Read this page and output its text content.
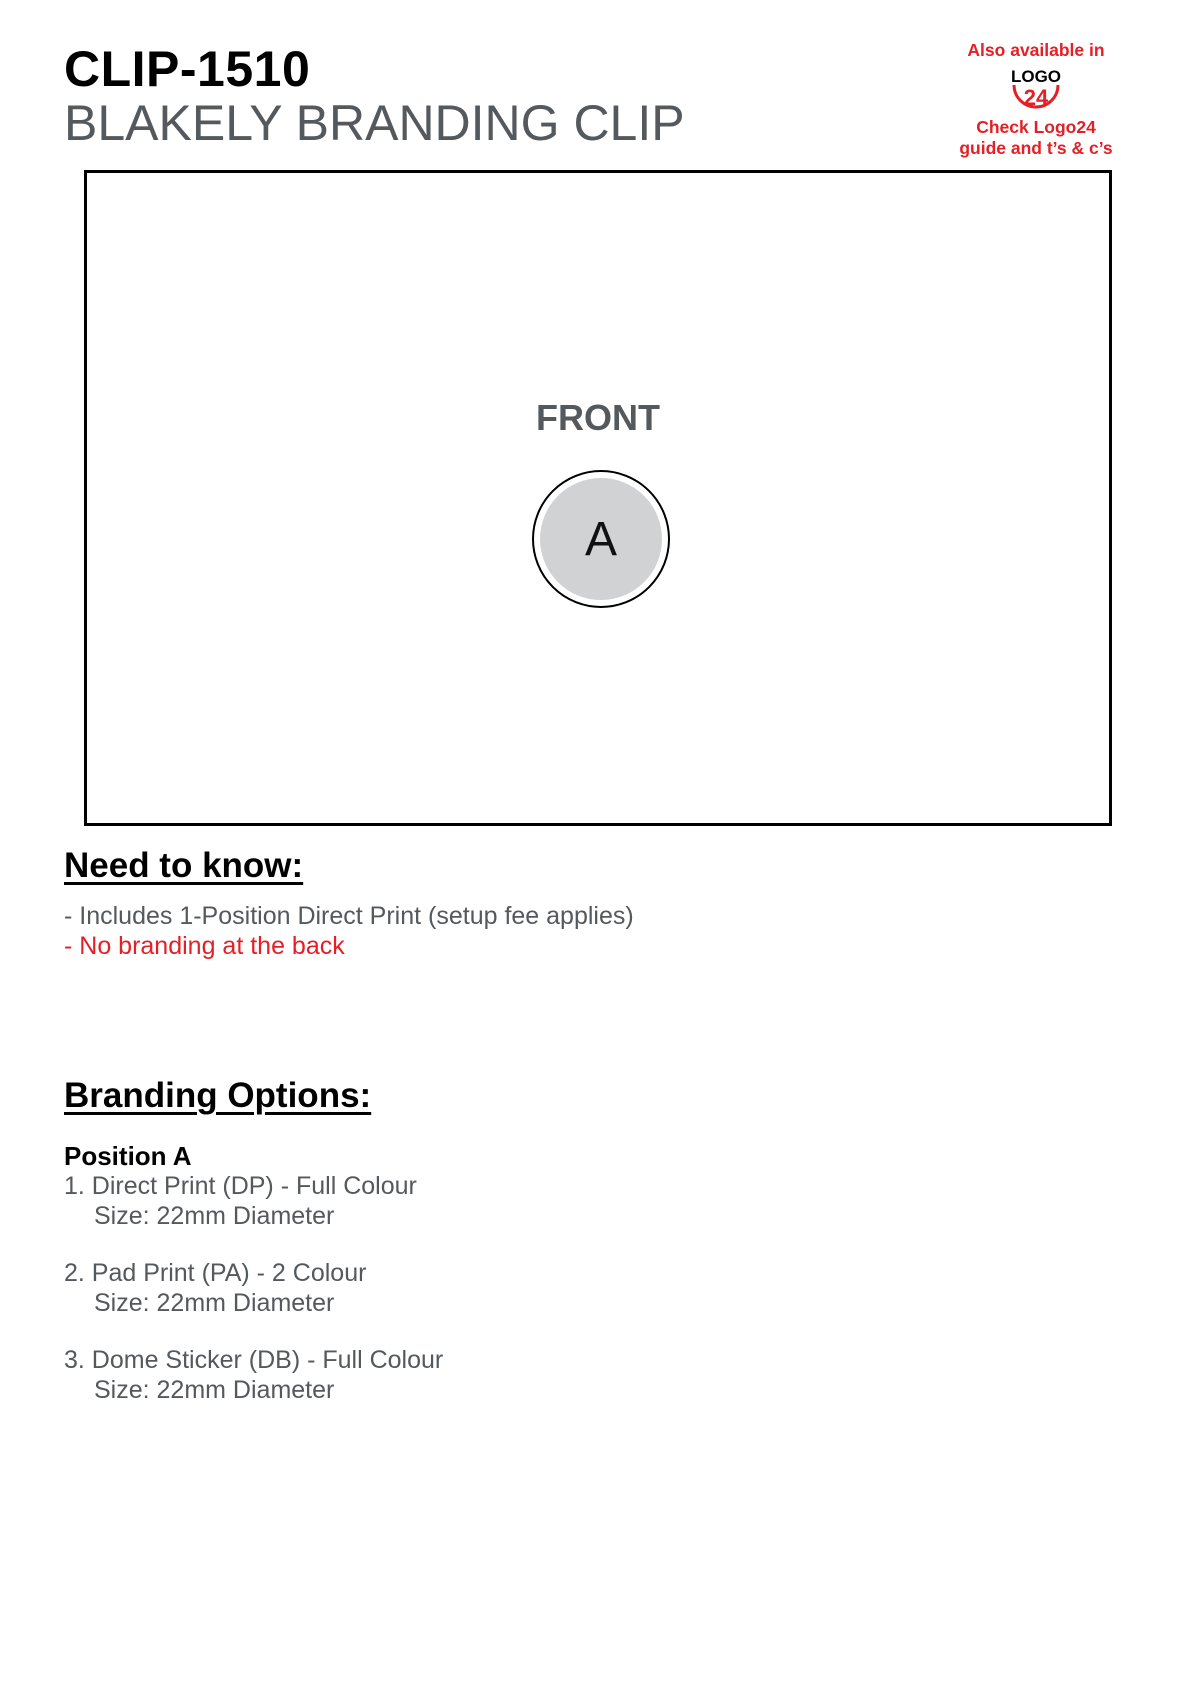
CLIP-1510
BLAKELY BRANDING CLIP
Also available in
LOGO
24
Check Logo24
guide and t’s & c’s
FRONT
A
Need to know:
- Includes 1-Position Direct Print (setup fee applies)
- No branding at the back
Branding Options:
Position A
1. Direct Print (DP) - Full Colour
Size: 22mm Diameter
2. Pad Print (PA) - 2 Colour
Size: 22mm Diameter
3. Dome Sticker (DB) - Full Colour
Size: 22mm Diameter
